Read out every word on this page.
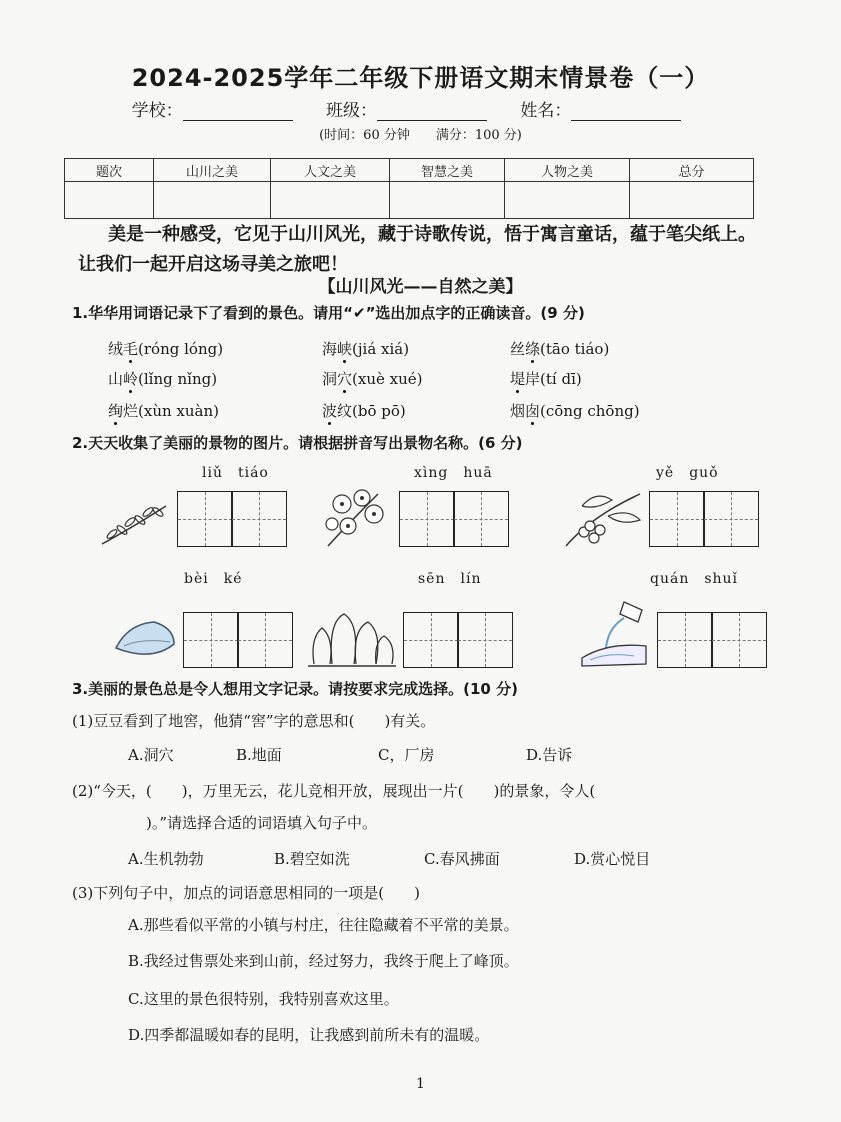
2024-2025学年二年级下册语文期末情景卷（一）
学校：	班级：	姓名：
(时间：60 分钟　　满分：100 分)
题次	山川之美	人文之美	智慧之美	人物之美	总分

美是一种感受，它见于山川风光，藏于诗歌传说，悟于寓言童话，蕴于笔尖纸上。让我们一起开启这场寻美之旅吧！
【山川风光——自然之美】
1.华华用词语记录下了看到的景色。请用“✔”选出加点字的正确读音。(9 分)
绒毛(róng lóng)	海峡(jiá xiá)	丝绦(tāo tiáo)
山岭(lǐng nǐng)	洞穴(xuè xué)	堤岸(tí dī)
绚烂(xùn xuàn)	波纹(bō pō)	烟囱(cōng chōng)
2.天天收集了美丽的景物的图片。请根据拼音写出景物名称。(6 分)
liǔ　tiáo	xìng　huā	yě　guǒ
bèi　ké	sēn　lín	quán　shuǐ
3.美丽的景色总是令人想用文字记录。请按要求完成选择。(10 分)
(1)豆豆看到了地窖，他猜“窖”字的意思和(　　)有关。
A.洞穴	B.地面	C，厂房	D.告诉
(2)“今天，(　　)，万里无云，花儿竞相开放，展现出一片(　　)的景象，令人(
)。”请选择合适的词语填入句子中。
A.生机勃勃	B.碧空如洗	C.春风拂面	D.赏心悦目
(3)下列句子中，加点的词语意思相同的一项是(　　)
A.那些看似平常的小镇与村庄，往往隐藏着不平常的美景。
B.我经过售票处来到山前，经过努力，我终于爬上了峰顶。
C.这里的景色很特别，我特别喜欢这里。
D.四季都温暖如春的昆明，让我感到前所未有的温暖。
1
